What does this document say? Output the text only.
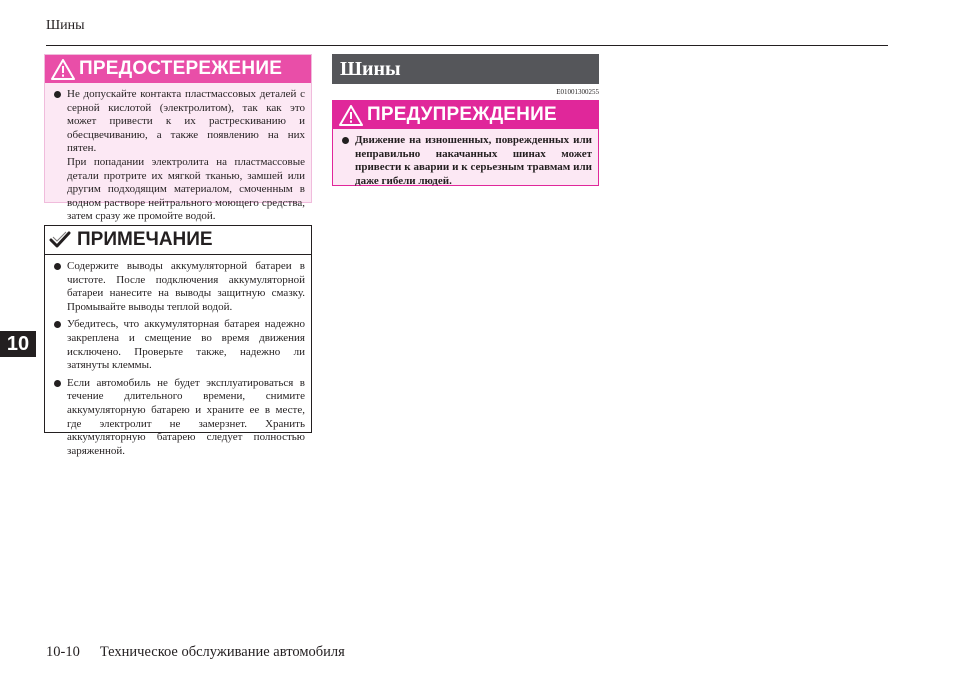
Шины
10
ПРЕДОСТЕРЕЖЕНИЕ
Не допускайте контакта пластмассовых деталей с серной кислотой (электролитом), так как это может привести к их растрескиванию и обесцвечиванию, а также появлению на них пятен.
При попадании электролита на пластмассовые детали протрите их мягкой тканью, замшей или другим подходящим материалом, смоченным в водном растворе нейтрального моющего средства, затем сразу же промойте водой.
ПРИМЕЧАНИЕ
Содержите выводы аккумуляторной батареи в чистоте. После подключения аккумуляторной батареи нанесите на выводы защитную смазку. Промывайте выводы теплой водой.
Убедитесь, что аккумуляторная батарея надежно закреплена и смещение во время движения исключено. Проверьте также, надежно ли затянуты клеммы.
Если автомобиль не будет эксплуатироваться в течение длительного времени, снимите аккумуляторную батарею и храните ее в месте, где электролит не замерзнет. Хранить аккумуляторную батарею следует полностью заряженной.
Шины
E01001300255
ПРЕДУПРЕЖДЕНИЕ
Движение на изношенных, поврежденных или неправильно накачанных шинах может привести к аварии и к серьезным травмам или даже гибели людей.
10-10 Техническое обслуживание автомобиля
